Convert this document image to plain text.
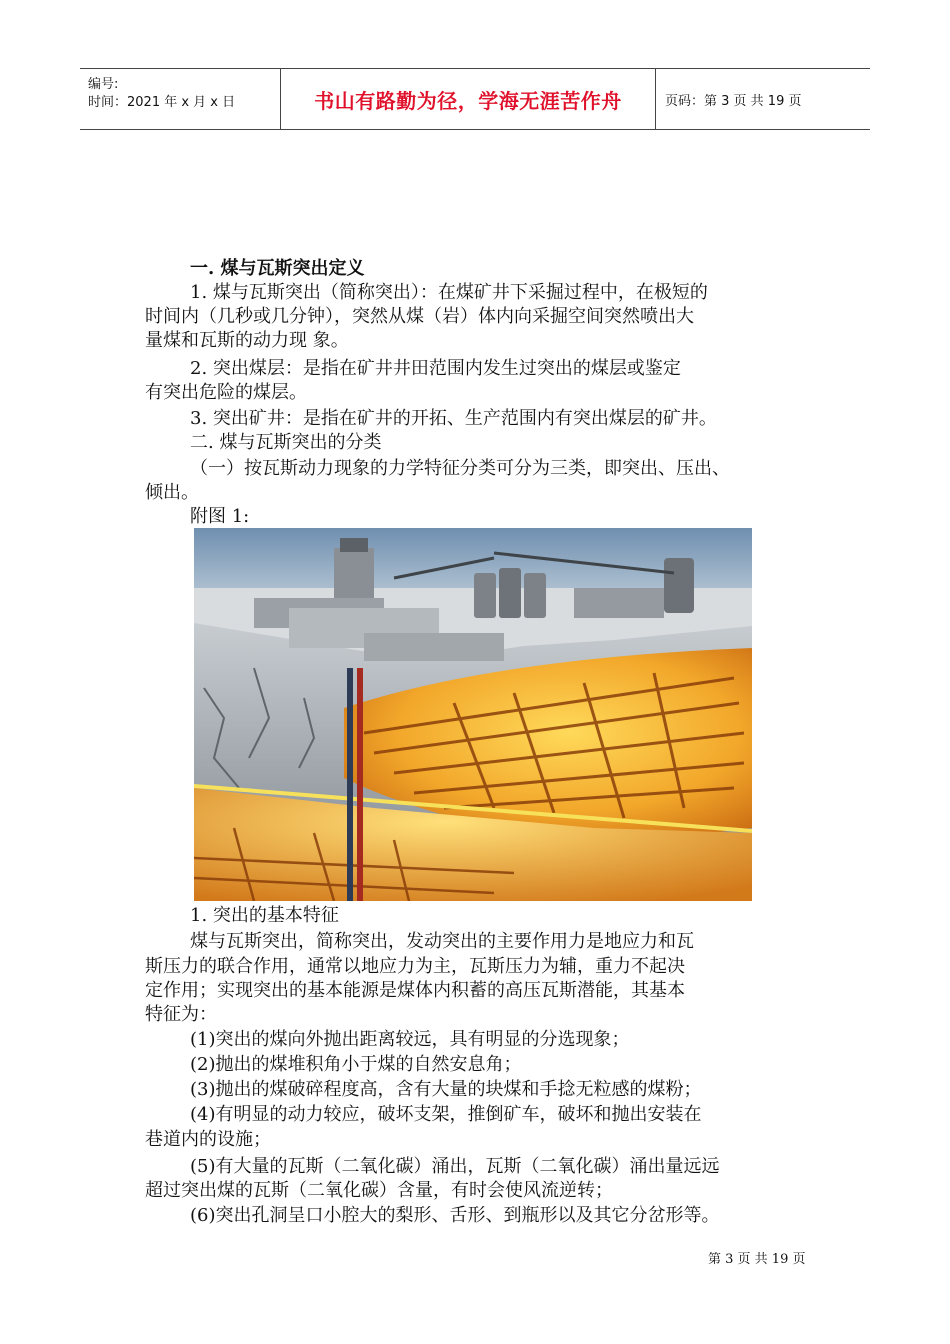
编号:
时间：2021 年 x 月 x 日	书山有路勤为径，学海无涯苦作舟	页码：第 3 页 共 19 页
一. 煤与瓦斯突出定义
1. 煤与瓦斯突出（简称突出）：在煤矿井下采掘过程中，在极短的
时间内（几秒或几分钟），突然从煤（岩）体内向采掘空间突然喷出大
量煤和瓦斯的动力现 象。
2. 突出煤层：是指在矿井井田范围内发生过突出的煤层或鉴定
有突出危险的煤层。
3. 突出矿井：是指在矿井的开拓、生产范围内有突出煤层的矿井。
二. 煤与瓦斯突出的分类
（一）按瓦斯动力现象的力学特征分类可分为三类，即突出、压出、
倾出。
附图 1:
1. 突出的基本特征
煤与瓦斯突出，简称突出，发动突出的主要作用力是地应力和瓦
斯压力的联合作用，通常以地应力为主，瓦斯压力为辅，重力不起决
定作用；实现突出的基本能源是煤体内积蓄的高压瓦斯潜能，其基本
特征为：
(1)突出的煤向外抛出距离较远，具有明显的分选现象；
(2)抛出的煤堆积角小于煤的自然安息角；
(3)抛出的煤破碎程度高，含有大量的块煤和手捻无粒感的煤粉；
(4)有明显的动力较应，破坏支架，推倒矿车，破坏和抛出安装在
巷道内的设施；
(5)有大量的瓦斯（二氧化碳）涌出，瓦斯（二氧化碳）涌出量远远
超过突出煤的瓦斯（二氧化碳）含量，有时会使风流逆转；
(6)突出孔洞呈口小腔大的梨形、舌形、到瓶形以及其它分岔形等。
第 3 页 共 19 页
